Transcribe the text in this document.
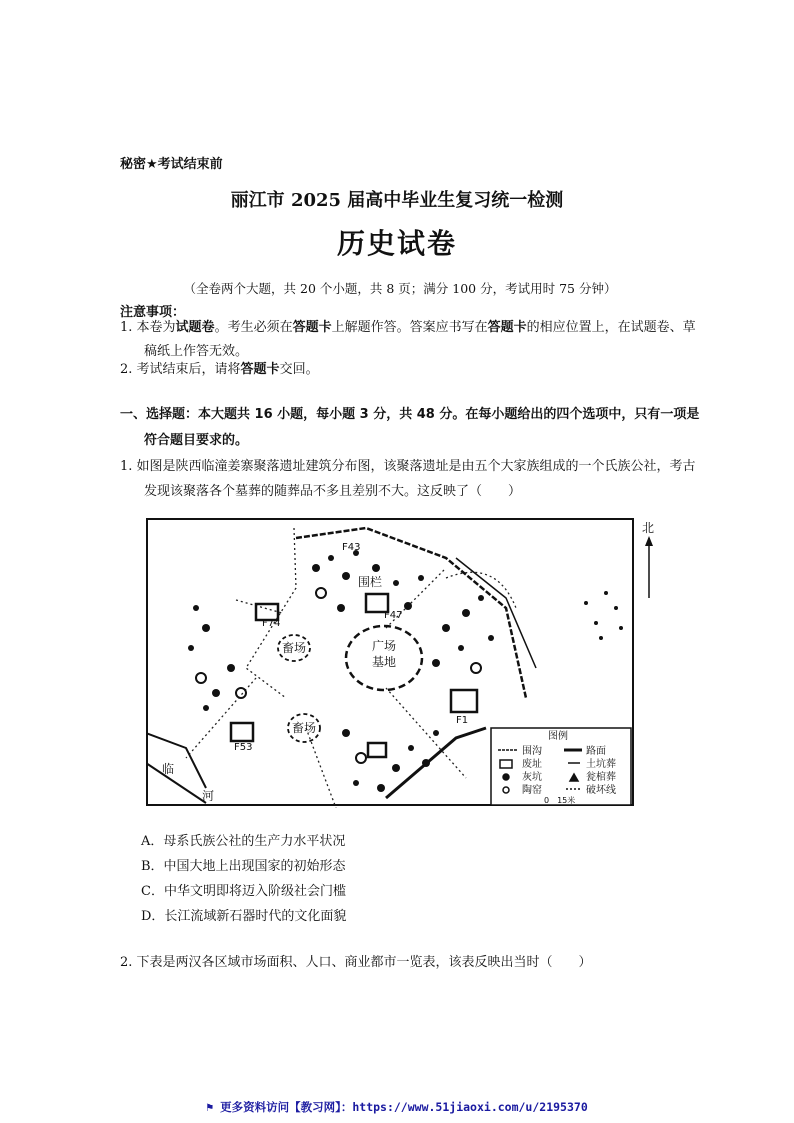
秘密★考试结束前
丽江市 2025 届高中毕业生复习统一检测
历史试卷
（全卷两个大题，共 20 个小题，共 8 页；满分 100 分，考试用时 75 分钟）
注意事项：
1. 本卷为试题卷。考生必须在答题卡上解题作答。答案应书写在答题卡的相应位置上，在试题卷、草稿纸上作答无效。
2. 考试结束后，请将答题卡交回。
一、选择题：本大题共 16 小题，每小题 3 分，共 48 分。在每小题给出的四个选项中，只有一项是符合题目要求的。
1. 如图是陕西临潼姜寨聚落遗址建筑分布图，该聚落遗址是由五个大家族组成的一个氏族公社，考古发现该聚落各个墓葬的随葬品不多且差别不大。这反映了（　　）
F43
F47
F74
F53
F1
围栏
广场
基地
畜场
畜场
临
河
北
图例
围沟
废址
灰坑
陶窑
路面
土坑葬
瓮棺葬
破坏线
0　15米
A．母系氏族公社的生产力水平状况
B．中国大地上出现国家的初始形态
C．中华文明即将迈入阶级社会门槛
D．长江流域新石器时代的文化面貌
2. 下表是两汉各区域市场面积、人口、商业都市一览表，该表反映出当时（　　）
⚑ 更多资料访问【教习网】：https://www.51jiaoxi.com/u/2195370
